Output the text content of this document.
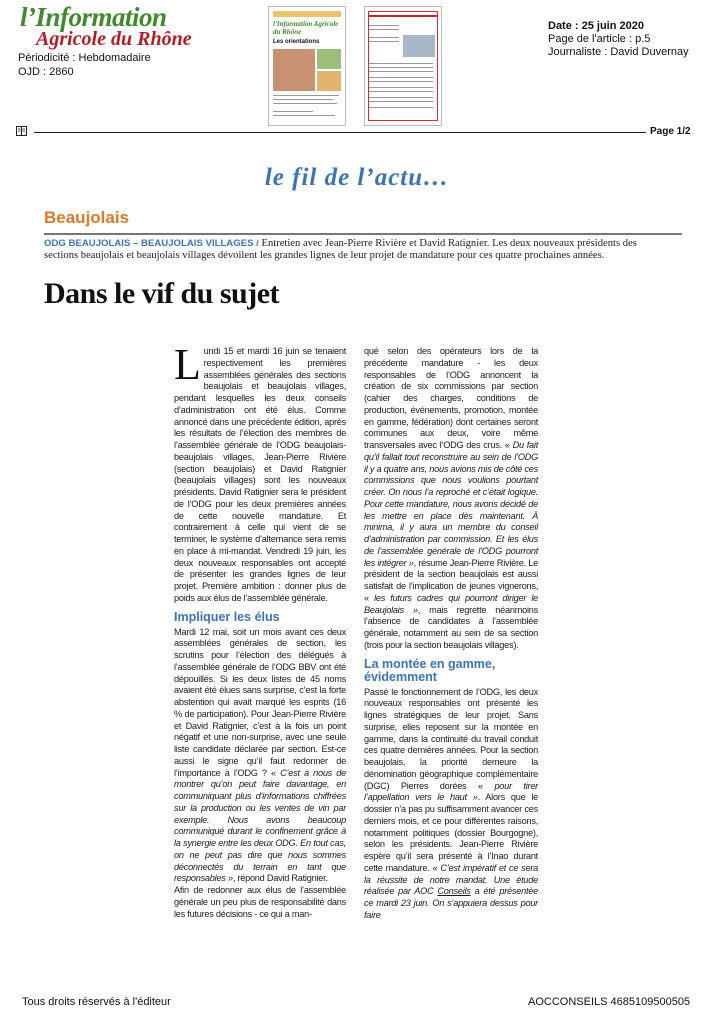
l’Information
Agricole du Rhône
Périodicité : Hebdomadaire
OJD : 2860
l'Information Agricole du Rhône
Les orientations
Date : 25 juin 2020
Page de l'article : p.5
Journaliste : David Duvernay
Page 1/2
le fil de l’actu…
Beaujolais
ODG BEAUJOLAIS – BEAUJOLAIS VILLAGES / Entretien avec Jean-Pierre Rivière et David Ratignier. Les deux nouveaux présidents des sections beaujolais et beaujolais villages dévoilent les grandes lignes de leur projet de mandature pour ces quatre prochaines années.
Dans le vif du sujet

Lundi 15 et mardi 16 juin se tenaient respectivement les premières assemblées générales des sections beaujolais et beaujolais villages, pendant lesquelles les deux conseils d’administration ont été élus. Comme annoncé dans une précédente édition, après les résultats de l’élection des membres de l’assemblée générale de l’ODG beaujolais-beaujolais villages, Jean-Pierre Rivière (section beaujolais) et David Ratignier (beaujolais villages) sont les nouveaux présidents. David Ratignier sera le président de l’ODG pour les deux premières années de cette nouvelle mandature. Et contrairement à celle qui vient de se terminer, le système d’alternance sera remis en place à mi-mandat. Vendredi 19 juin, les deux nouveaux responsables ont accepté de présenter les grandes lignes de leur projet. Première ambition : donner plus de poids aux élus de l’assemblée générale.

Impliquer les élus

Mardi 12 mai, soit un mois avant ces deux assemblées générales de section, les scrutins pour l’élection des délégués à l’assemblée générale de l’ODG BBV ont été dépouillés. Si les deux listes de 45 noms avaient été élues sans surprise, c’est la forte abstention qui avait marqué les esprits (16 % de participation). Pour Jean-Pierre Rivière et David Ratignier, c’est à la fois un point négatif et une non-surprise, avec une seule liste candidate déclarée par section. Est-ce aussi le signe qu’il faut redonner de l’importance à l’ODG ? « C’est à nous de montrer qu’on peut faire davantage, en communiquant plus d’informations chiffrées sur la production ou les ventes de vin par exemple. Nous avons beaucoup communiqué durant le confinement grâce à la synergie entre les deux ODG. En tout cas, on ne peut pas dire que nous sommes déconnectés du terrain en tant que responsables », répond David Ratignier.

Afin de redonner aux élus de l’assemblée générale un peu plus de responsabilité dans les futures décisions - ce qui a man-

qué selon des opérateurs lors de la précédente mandature - les deux responsables de l’ODG annoncent la création de six commissions par section (cahier des charges, conditions de production, événements, promotion, montée en gamme, fédération) dont certaines seront communes aux deux, voire même transversales avec l’ODG des crus. « Du fait qu’il fallait tout reconstruire au sein de l’ODG il y a quatre ans, nous avions mis de côté ces commissions que nous voulions pourtant créer. On nous l’a reproché et c’était logique. Pour cette mandature, nous avons décidé de les mettre en place dès maintenant. À minima, il y aura un membre du conseil d’administration par commission. Et les élus de l’assemblée générale de l’ODG pourront les intégrer », résume Jean-Pierre Rivière. Le président de la section beaujolais est aussi satisfait de l’implication de jeunes vignerons, « les futurs cadres qui pourront diriger le Beaujolais », mais regrette néanmoins l’absence de candidates à l’assemblée générale, notamment au sein de sa section (trois pour la section beaujolais villages).

La montée en gamme, évidemment

Passé le fonctionnement de l’ODG, les deux nouveaux responsables ont présenté les lignes stratégiques de leur projet. Sans surprise, elles reposent sur la montée en gamme, dans la continuité du travail conduit ces quatre dernières années. Pour la section beaujolais, la priorité demeure la dénomination géographique complémentaire (DGC) Pierres dorées « pour tirer l’appellation vers le haut ». Alors que le dossier n’a pas pu suffisamment avancer ces derniers mois, et ce pour différentes raisons, notamment politiques (dossier Bourgogne), selon les présidents. Jean-Pierre Rivière espère qu’il sera présenté à l’Inao durant cette mandature. « C’est impératif et ce sera la réussite de notre mandat. Une étude réalisée par AOC Conseils a été présentée ce mardi 23 juin. On s’appuiera dessus pour faire

Tous droits réservés à l'éditeur	AOCCONSEILS 4685109500505
